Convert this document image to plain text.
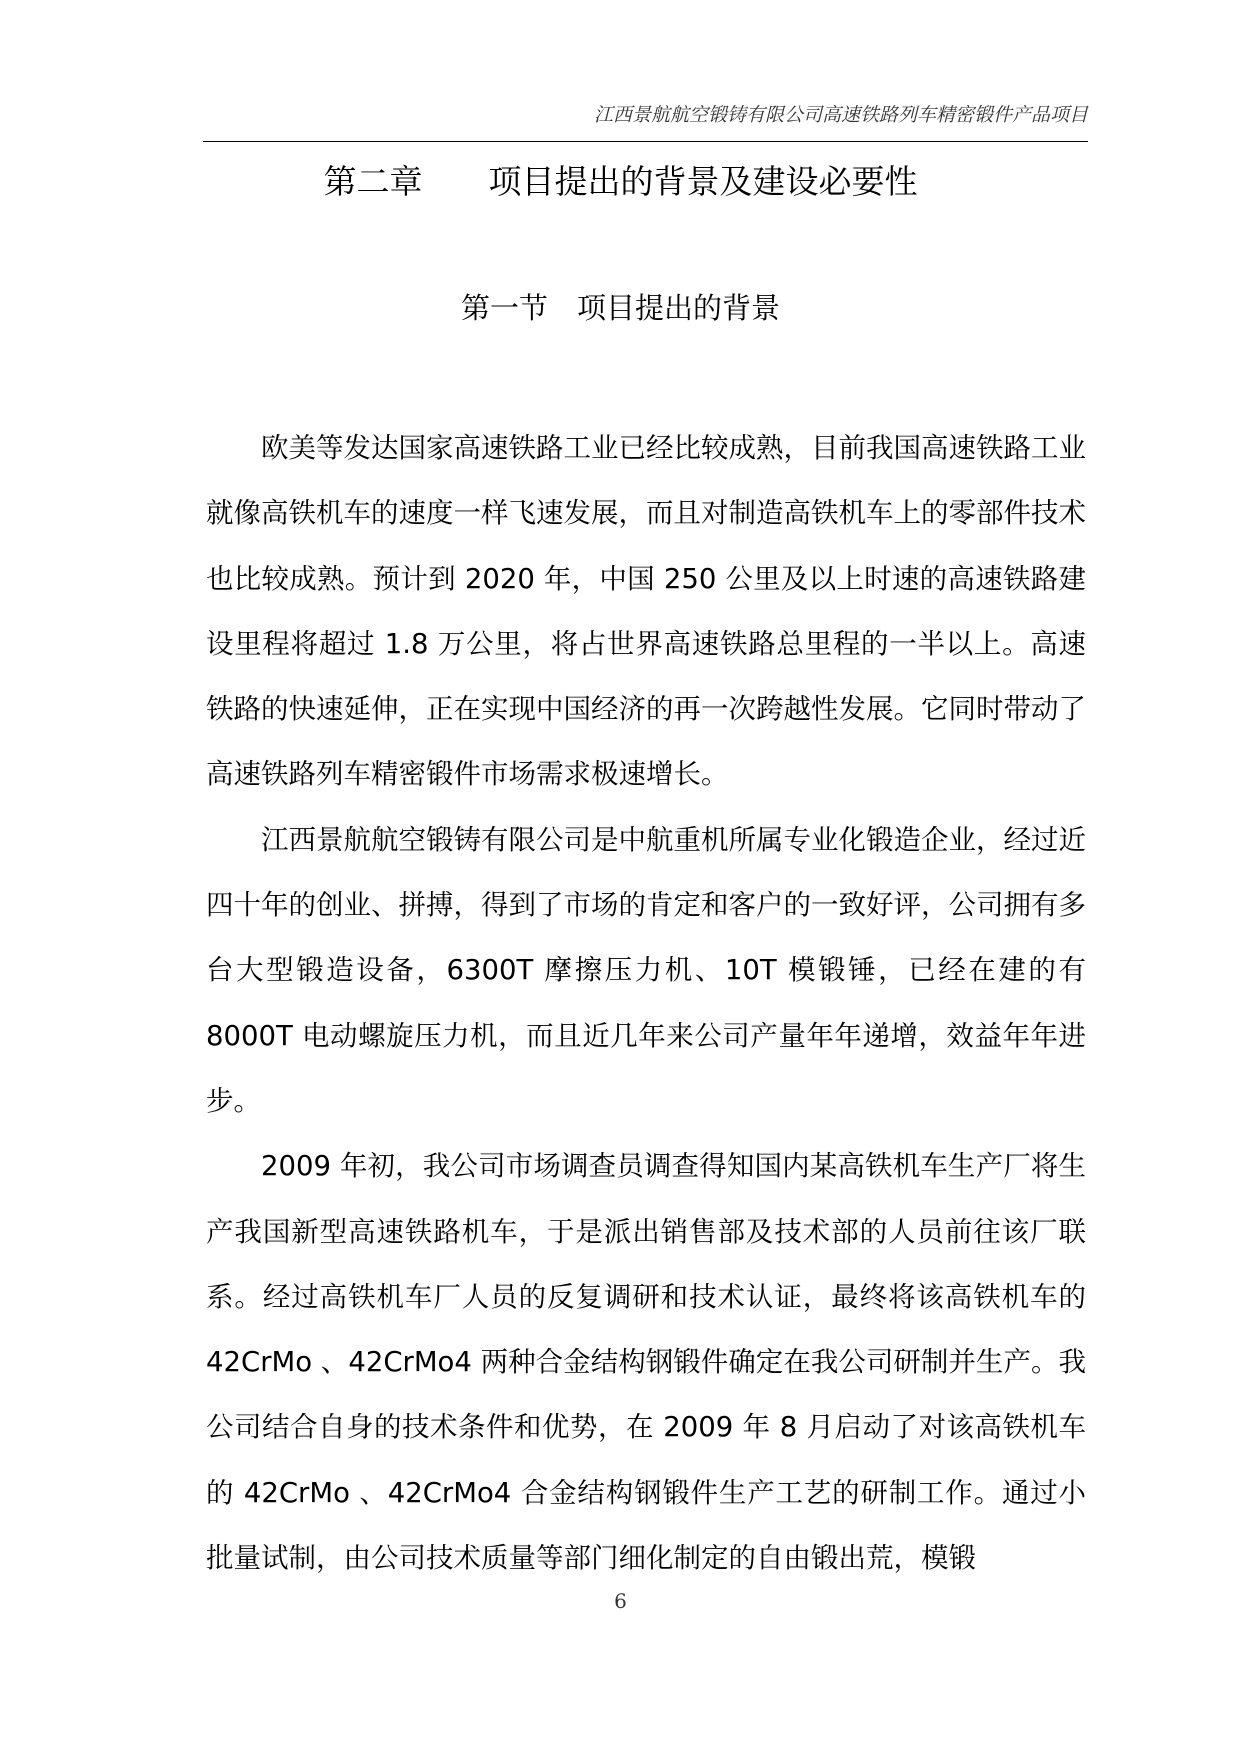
江西景航航空锻铸有限公司高速铁路列车精密锻件产品项目
第二章　　项目提出的背景及建设必要性
第一节　项目提出的背景

欧美等发达国家高速铁路工业已经比较成熟，目前我国高速铁路工业就像高铁机车的速度一样飞速发展，而且对制造高铁机车上的零部件技术也比较成熟。预计到 2020 年，中国 250 公里及以上时速的高速铁路建设里程将超过 1.8 万公里，将占世界高速铁路总里程的一半以上。高速铁路的快速延伸，正在实现中国经济的再一次跨越性发展。它同时带动了高速铁路列车精密锻件市场需求极速增长。

江西景航航空锻铸有限公司是中航重机所属专业化锻造企业，经过近四十年的创业、拼搏，得到了市场的肯定和客户的一致好评，公司拥有多台大型锻造设备，6300T 摩擦压力机、10T 模锻锤，已经在建的有 8000T 电动螺旋压力机，而且近几年来公司产量年年递增，效益年年进步。

2009 年初，我公司市场调查员调查得知国内某高铁机车生产厂将生产我国新型高速铁路机车，于是派出销售部及技术部的人员前往该厂联系。经过高铁机车厂人员的反复调研和技术认证，最终将该高铁机车的 42CrMo 、42CrMo4 两种合金结构钢锻件确定在我公司研制并生产。我公司结合自身的技术条件和优势，在 2009 年 8 月启动了对该高铁机车的 42CrMo 、42CrMo4 合金结构钢锻件生产工艺的研制工作。通过小批量试制，由公司技术质量等部门细化制定的自由锻出荒，模锻

6
